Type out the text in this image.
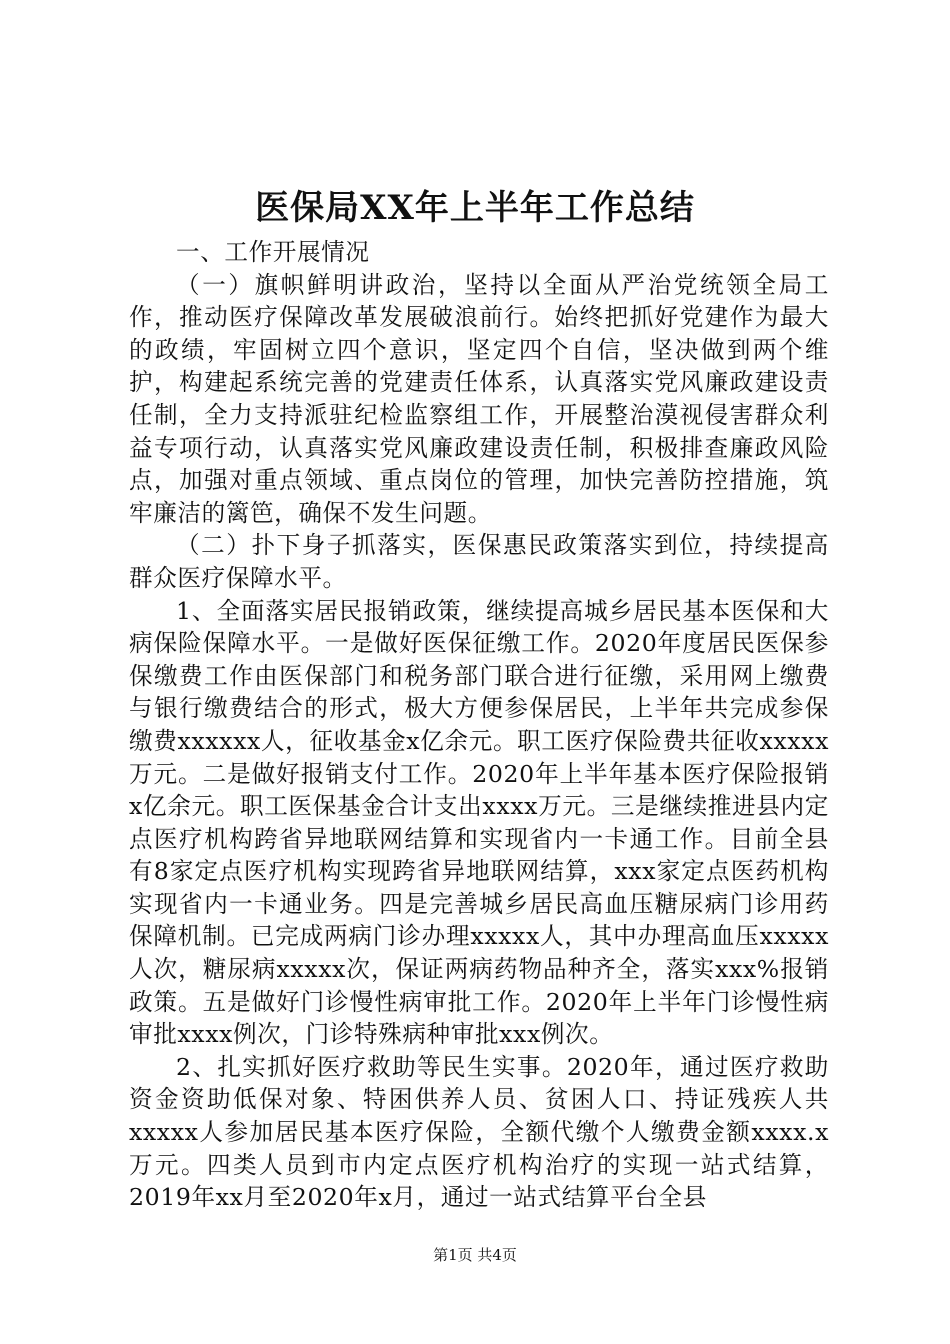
医保局XX年上半年工作总结

一、工作开展情况

（一）旗帜鲜明讲政治，坚持以全面从严治党统领全局工作，推动医疗保障改革发展破浪前行。始终把抓好党建作为最大的政绩，牢固树立四个意识，坚定四个自信，坚决做到两个维护，构建起系统完善的党建责任体系，认真落实党风廉政建设责任制，全力支持派驻纪检监察组工作，开展整治漠视侵害群众利益专项行动，认真落实党风廉政建设责任制，积极排查廉政风险点，加强对重点领域、重点岗位的管理，加快完善防控措施，筑牢廉洁的篱笆，确保不发生问题。

（二）扑下身子抓落实，医保惠民政策落实到位，持续提高群众医疗保障水平。

1、全面落实居民报销政策，继续提高城乡居民基本医保和大病保险保障水平。一是做好医保征缴工作。2020年度居民医保参保缴费工作由医保部门和税务部门联合进行征缴，采用网上缴费与银行缴费结合的形式，极大方便参保居民，上半年共完成参保缴费xxxxxx人，征收基金x亿余元。职工医疗保险费共征收xxxxx万元。二是做好报销支付工作。2020年上半年基本医疗保险报销x亿余元。职工医保基金合计支出xxxx万元。三是继续推进县内定点医疗机构跨省异地联网结算和实现省内一卡通工作。目前全县有8家定点医疗机构实现跨省异地联网结算，xxx家定点医药机构实现省内一卡通业务。四是完善城乡居民高血压糖尿病门诊用药保障机制。已完成两病门诊办理xxxxx人，其中办理高血压xxxxx人次，糖尿病xxxxx次，保证两病药物品种齐全，落实xxx%报销政策。五是做好门诊慢性病审批工作。2020年上半年门诊慢性病审批xxxx例次，门诊特殊病种审批xxx例次。

2、扎实抓好医疗救助等民生实事。2020年，通过医疗救助资金资助低保对象、特困供养人员、贫困人口、持证残疾人共xxxxx人参加居民基本医疗保险，全额代缴个人缴费金额xxxx.x万元。四类人员到市内定点医疗机构治疗的实现一站式结算，2019年xx月至2020年x月，通过一站式结算平台全县

第1页 共4页
